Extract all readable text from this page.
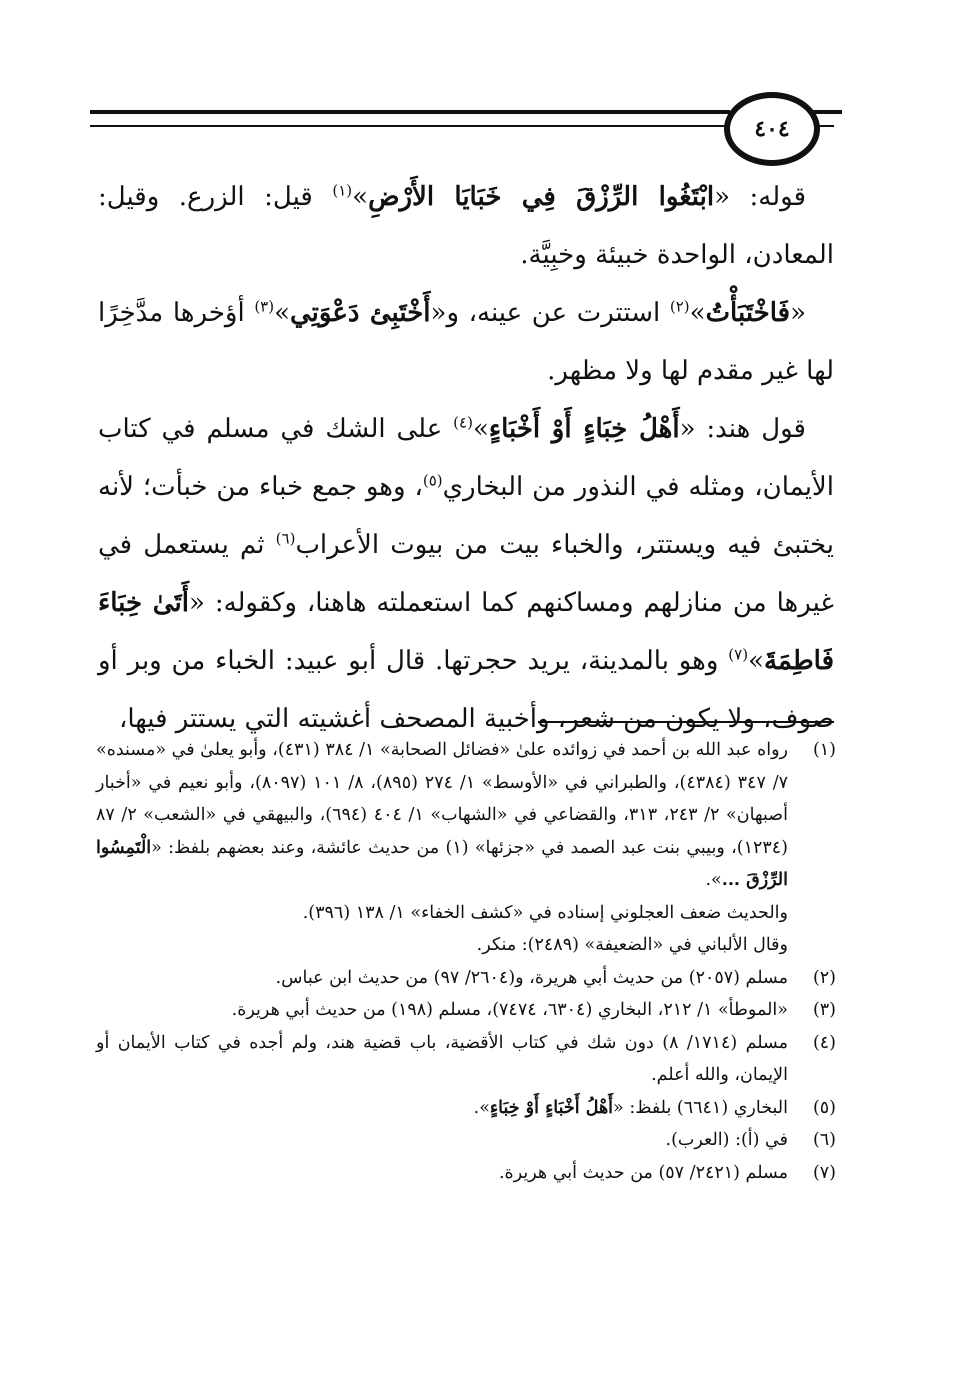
٤٠٤

قوله: «ابْتَغُوا الرِّزْقَ فِي خَبَايَا الأَرْضِ»$^{(١)}$ قيل: الزرع. وقيل: المعادن، الواحدة خبيئة وخبِيَّة.

«فَاخْتَبَأْتُ»$^{(٢)}$ استترت عن عينه، و«أَخْتَبِئ دَعْوَتِي»$^{(٣)}$ أؤخرها مدَّخِرًا لها غير مقدم لها ولا مظهر.

قول هند: «أَهْلُ خِبَاءٍ أَوْ أَخْبَاءٍ»$^{(٤)}$ على الشك في مسلم في كتاب الأيمان، ومثله في النذور من البخاري$^{(٥)}$، وهو جمع خباء من خبأت؛ لأنه يختبئ فيه ويستتر، والخباء بيت من بيوت الأعراب$^{(٦)}$ ثم يستعمل في غيرها من منازلهم ومساكنهم كما استعملته هاهنا، وكقوله: «أَتَىٰ خِبَاءَ فَاطِمَةَ»$^{(٧)}$ وهو بالمدينة، يريد حجرتها. قال أبو عبيد: الخباء من وبر أو صوف، ولا يكون من شعر، وأخبية المصحف أغشيته التي يستتر فيها،

(١)
رواه عبد الله بن أحمد في زوائده علىٰ «فضائل الصحابة» ١/ ٣٨٤ (٤٣١)، وأبو يعلىٰ في «مسنده» ٧/ ٣٤٧ (٤٣٨٤)، والطبراني في «الأوسط» ١/ ٢٧٤ (٨٩٥)، ٨/ ١٠١ (٨٠٩٧)، وأبو نعيم في «أخبار أصبهان» ٢/ ٢٤٣، ٣١٣، والقضاعي في «الشهاب» ١/ ٤٠٤ (٦٩٤)، والبيهقي في «الشعب» ٢/ ٨٧ (١٢٣٤)، وبيبي بنت عبد الصمد في «جزئها» (١) من حديث عائشة، وعند بعضهم بلفظ: «الْتَمِسُوا الرِّزْقَ ...».
والحديث ضعف العجلوني إسناده في «كشف الخفاء» ١/ ١٣٨ (٣٩٦).
وقال الألباني في «الضعيفة» (٢٤٨٩): منكر.
(٢)
مسلم (٢٠٥٧) من حديث أبي هريرة، و(٢٦٠٤/ ٩٧) من حديث ابن عباس.
(٣)
«الموطأ» ١/ ٢١٢، البخاري (٦٣٠٤، ٧٤٧٤)، مسلم (١٩٨) من حديث أبي هريرة.
(٤)
مسلم (١٧١٤/ ٨) دون شك في كتاب الأقضية، باب قضية هند، ولم أجده في كتاب الأيمان أو الإيمان، والله أعلم.
(٥)
البخاري (٦٦٤١) بلفظ: «أَهْلُ أَخْبَاءٍ أَوْ خِبَاءٍ».
(٦)
في (أ): (العرب).
(٧)
مسلم (٢٤٢١/ ٥٧) من حديث أبي هريرة.
